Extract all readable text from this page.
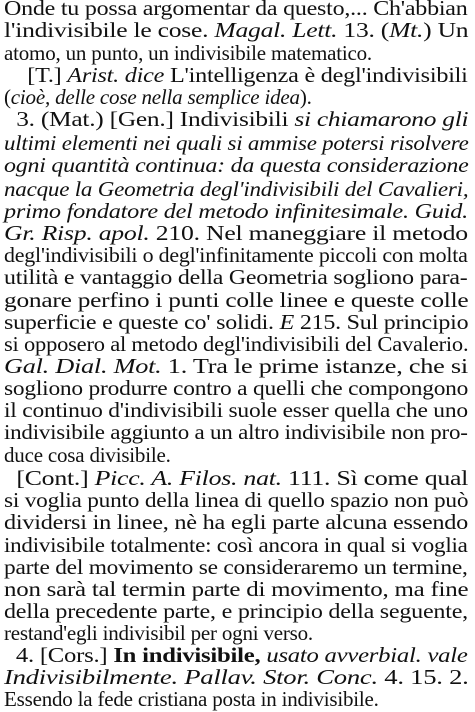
Onde tu possa argomentar da questo,... Ch'abbian
l'indivisibile le cose. Magal. Lett. 13. (Mt.) Un
atomo, un punto, un indivisibile matematico.
[T.] Arist. dice L'intelligenza è degl'indivisibili
(cioè, delle cose nella semplice idea).
3. (Mat.) [Gen.] Indivisibili si chiamarono gli
ultimi elementi nei quali si ammise potersi risolvere
ogni quantità continua: da questa considerazione
nacque la Geometria degl'indivisibili del Cavalieri,
primo fondatore del metodo infinitesimale. Guid.
Gr. Risp. apol. 210. Nel maneggiare il metodo
degl'indivisibili o degl'infinitamente piccoli con molta
utilità e vantaggio della Geometria sogliono para-
gonare perfino i punti colle linee e queste colle
superficie e queste co' solidi. E 215. Sul principio
si opposero al metodo degl'indivisibili del Cavalerio.
Gal. Dial. Mot. 1. Tra le prime istanze, che si
sogliono produrre contro a quelli che compongono
il continuo d'indivisibili suole esser quella che uno
indivisibile aggiunto a un altro indivisibile non pro-
duce cosa divisibile.
[Cont.] Picc. A. Filos. nat. 111. Sì come qual
si voglia punto della linea di quello spazio non può
dividersi in linee, nè ha egli parte alcuna essendo
indivisibile totalmente: così ancora in qual si voglia
parte del movimento se consideraremo un termine,
non sarà tal termin parte di movimento, ma fine
della precedente parte, e principio della seguente,
restand'egli indivisibil per ogni verso.
4. [Cors.] In indivisibile, usato avverbial. vale
Indivisibilmente. Pallav. Stor. Conc. 4. 15. 2.
Essendo la fede cristiana posta in indivisibile.
